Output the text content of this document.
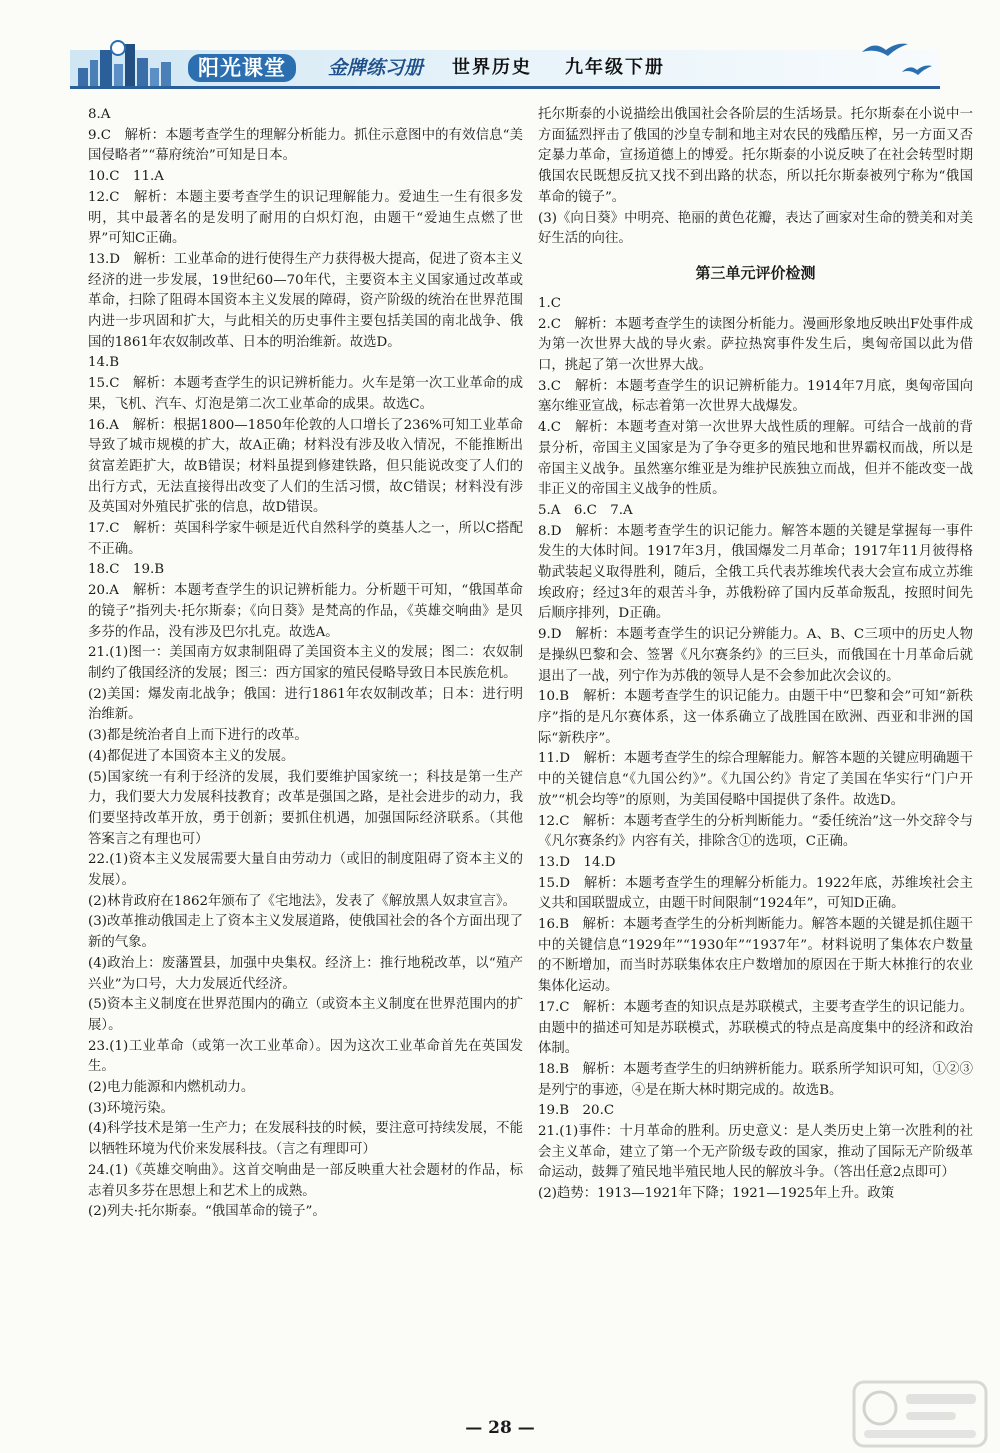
阳光课堂	金牌练习册 世界历史 九年级下册

8.A

9.C　解析：本题考查学生的理解分析能力。抓住示意图中的有效信息“美国侵略者”“幕府统治”可知是日本。

10.C　11.A

12.C　解析：本题主要考查学生的识记理解能力。爱迪生一生有很多发明，其中最著名的是发明了耐用的白炽灯泡，由题干“爱迪生点燃了世界”可知C正确。

13.D　解析：工业革命的进行使得生产力获得极大提高，促进了资本主义经济的进一步发展，19世纪60—70年代，主要资本主义国家通过改革或革命，扫除了阻碍本国资本主义发展的障碍，资产阶级的统治在世界范围内进一步巩固和扩大，与此相关的历史事件主要包括美国的南北战争、俄国的1861年农奴制改革、日本的明治维新。故选D。

14.B

15.C　解析：本题考查学生的识记辨析能力。火车是第一次工业革命的成果，飞机、汽车、灯泡是第二次工业革命的成果。故选C。

16.A　解析：根据1800—1850年伦敦的人口增长了236%可知工业革命导致了城市规模的扩大，故A正确；材料没有涉及收入情况，不能推断出贫富差距扩大，故B错误；材料虽提到修建铁路，但只能说改变了人们的出行方式，无法直接得出改变了人们的生活习惯，故C错误；材料没有涉及英国对外殖民扩张的信息，故D错误。

17.C　解析：英国科学家牛顿是近代自然科学的奠基人之一，所以C搭配不正确。

18.C　19.B

20.A　解析：本题考查学生的识记辨析能力。分析题干可知，“俄国革命的镜子”指列夫·托尔斯泰；《向日葵》是梵高的作品，《英雄交响曲》是贝多芬的作品，没有涉及巴尔扎克。故选A。

21.(1)图一：美国南方奴隶制阻碍了美国资本主义的发展；图二：农奴制制约了俄国经济的发展；图三：西方国家的殖民侵略导致日本民族危机。

(2)美国：爆发南北战争；俄国：进行1861年农奴制改革；日本：进行明治维新。

(3)都是统治者自上而下进行的改革。

(4)都促进了本国资本主义的发展。

(5)国家统一有利于经济的发展，我们要维护国家统一；科技是第一生产力，我们要大力发展科技教育；改革是强国之路，是社会进步的动力，我们要坚持改革开放，勇于创新；要抓住机遇，加强国际经济联系。（其他答案言之有理也可）

22.(1)资本主义发展需要大量自由劳动力（或旧的制度阻碍了资本主义的发展）。

(2)林肯政府在1862年颁布了《宅地法》，发表了《解放黑人奴隶宣言》。

(3)改革推动俄国走上了资本主义发展道路，使俄国社会的各个方面出现了新的气象。

(4)政治上：废藩置县，加强中央集权。经济上：推行地税改革，以“殖产兴业”为口号，大力发展近代经济。

(5)资本主义制度在世界范围内的确立（或资本主义制度在世界范围内的扩展）。

23.(1)工业革命（或第一次工业革命）。因为这次工业革命首先在英国发生。

(2)电力能源和内燃机动力。

(3)环境污染。

(4)科学技术是第一生产力；在发展科技的时候，要注意可持续发展，不能以牺牲环境为代价来发展科技。（言之有理即可）

24.(1)《英雄交响曲》。这首交响曲是一部反映重大社会题材的作品，标志着贝多芬在思想上和艺术上的成熟。

(2)列夫·托尔斯泰。“俄国革命的镜子”。

托尔斯泰的小说描绘出俄国社会各阶层的生活场景。托尔斯泰在小说中一方面猛烈抨击了俄国的沙皇专制和地主对农民的残酷压榨，另一方面又否定暴力革命，宣扬道德上的博爱。托尔斯泰的小说反映了在社会转型时期俄国农民既想反抗又找不到出路的状态，所以托尔斯泰被列宁称为“俄国革命的镜子”。

(3)《向日葵》中明亮、艳丽的黄色花瓣，表达了画家对生命的赞美和对美好生活的向往。

第三单元评价检测

1.C

2.C　解析：本题考查学生的读图分析能力。漫画形象地反映出F处事件成为第一次世界大战的导火索。萨拉热窝事件发生后，奥匈帝国以此为借口，挑起了第一次世界大战。

3.C　解析：本题考查学生的识记辨析能力。1914年7月底，奥匈帝国向塞尔维亚宣战，标志着第一次世界大战爆发。

4.C　解析：本题考查对第一次世界大战性质的理解。可结合一战前的背景分析，帝国主义国家是为了争夺更多的殖民地和世界霸权而战，所以是帝国主义战争。虽然塞尔维亚是为维护民族独立而战，但并不能改变一战非正义的帝国主义战争的性质。

5.A　6.C　7.A

8.D　解析：本题考查学生的识记能力。解答本题的关键是掌握每一事件发生的大体时间。1917年3月，俄国爆发二月革命；1917年11月彼得格勒武装起义取得胜利，随后，全俄工兵代表苏维埃代表大会宣布成立苏维埃政府；经过3年的艰苦斗争，苏俄粉碎了国内反革命叛乱，按照时间先后顺序排列，D正确。

9.D　解析：本题考查学生的识记分辨能力。A、B、C三项中的历史人物是操纵巴黎和会、签署《凡尔赛条约》的三巨头，而俄国在十月革命后就退出了一战，列宁作为苏俄的领导人是不会参加此次会议的。

10.B　解析：本题考查学生的识记能力。由题干中“巴黎和会”可知“新秩序”指的是凡尔赛体系，这一体系确立了战胜国在欧洲、西亚和非洲的国际“新秩序”。

11.D　解析：本题考查学生的综合理解能力。解答本题的关键应明确题干中的关键信息“《九国公约》”。《九国公约》肯定了美国在华实行“门户开放”“机会均等”的原则，为美国侵略中国提供了条件。故选D。

12.C　解析：本题考查学生的分析判断能力。“委任统治”这一外交辞令与《凡尔赛条约》内容有关，排除含①的选项，C正确。

13.D　14.D

15.D　解析：本题考查学生的理解分析能力。1922年底，苏维埃社会主义共和国联盟成立，由题干时间限制“1924年”，可知D正确。

16.B　解析：本题考查学生的分析判断能力。解答本题的关键是抓住题干中的关键信息“1929年”“1930年”“1937年”。材料说明了集体农户数量的不断增加，而当时苏联集体农庄户数增加的原因在于斯大林推行的农业集体化运动。

17.C　解析：本题考查的知识点是苏联模式，主要考查学生的识记能力。由题中的描述可知是苏联模式，苏联模式的特点是高度集中的经济和政治体制。

18.B　解析：本题考查学生的归纳辨析能力。联系所学知识可知，①②③是列宁的事迹，④是在斯大林时期完成的。故选B。

19.B　20.C

21.(1)事件：十月革命的胜利。历史意义：是人类历史上第一次胜利的社会主义革命，建立了第一个无产阶级专政的国家，推动了国际无产阶级革命运动，鼓舞了殖民地半殖民地人民的解放斗争。（答出任意2点即可）

(2)趋势：1913—1921年下降；1921—1925年上升。政策

— 28 —
